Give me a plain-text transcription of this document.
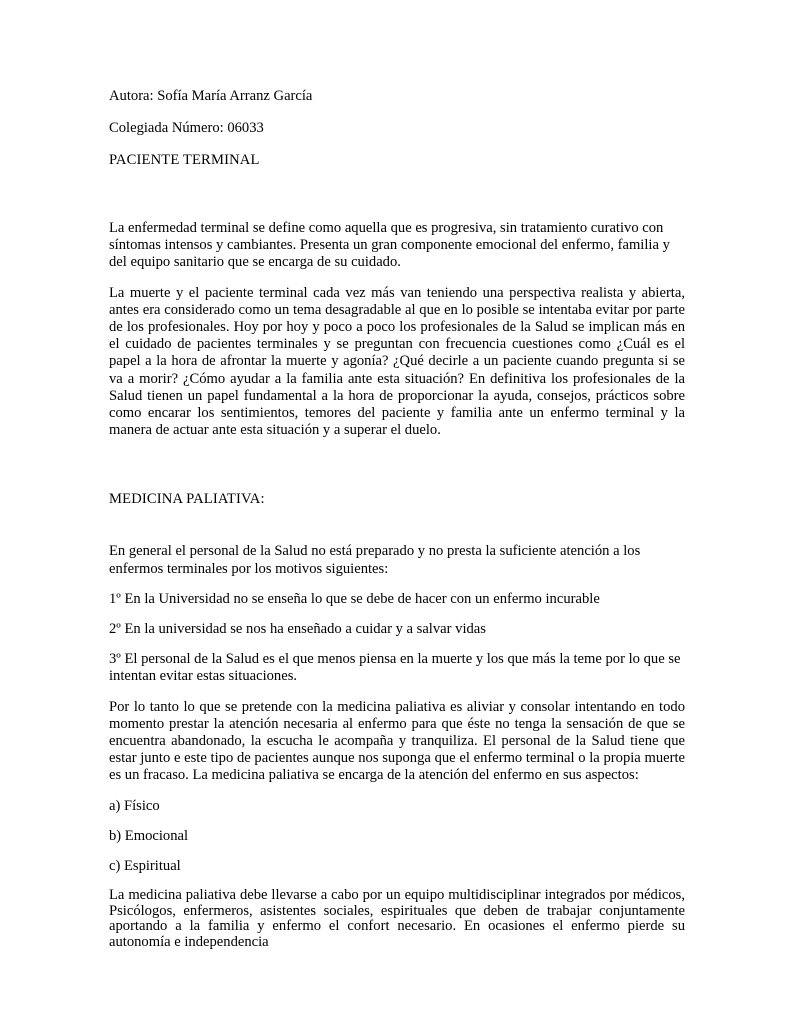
Autora: Sofía María Arranz García

Colegiada Número: 06033

PACIENTE TERMINAL

La enfermedad terminal se define como aquella que es progresiva, sin tratamiento curativo con síntomas intensos y cambiantes. Presenta un gran componente emocional del enfermo, familia y del equipo sanitario que se encarga de su cuidado.

La muerte y el paciente terminal cada vez más van teniendo una perspectiva realista y abierta, antes era considerado como un tema desagradable al que en lo posible se intentaba evitar por parte de los profesionales. Hoy por hoy y poco a poco los profesionales de la Salud se implican más en el cuidado de pacientes terminales y se preguntan con frecuencia cuestiones como ¿Cuál es el papel a la hora de afrontar la muerte y agonía? ¿Qué decirle a un paciente cuando pregunta si se va a morir? ¿Cómo ayudar a la familia ante esta situación? En definitiva los profesionales de la Salud tienen un papel fundamental a la hora de proporcionar la ayuda, consejos, prácticos sobre como encarar los sentimientos, temores del paciente y familia ante un enfermo terminal y la manera de actuar ante esta situación y a superar el duelo.

MEDICINA PALIATIVA:

En general el personal de la Salud no está preparado y no presta la suficiente atención a los enfermos terminales por los motivos siguientes:

1º En la Universidad no se enseña lo que se debe de hacer con un enfermo incurable

2º En la universidad se nos ha enseñado a cuidar y a salvar vidas

3º El personal de la Salud es el que menos piensa en la muerte y los que más la teme por lo que se intentan evitar estas situaciones.

Por lo tanto lo que se pretende con la medicina paliativa es aliviar y consolar intentando en todo momento prestar la atención necesaria al enfermo para que éste no tenga la sensación de que se encuentra abandonado, la escucha le acompaña y tranquiliza. El personal de la Salud tiene que estar junto e este tipo de pacientes aunque nos suponga que el enfermo terminal o la propia muerte es un fracaso. La medicina paliativa se encarga de la atención del enfermo en sus aspectos:

a) Físico

b) Emocional

c) Espiritual

La medicina paliativa debe llevarse a cabo por un equipo multidisciplinar integrados por médicos, Psicólogos, enfermeros, asistentes sociales, espirituales que deben de trabajar conjuntamente aportando a la familia y enfermo el confort necesario. En ocasiones el enfermo pierde su autonomía e independencia
